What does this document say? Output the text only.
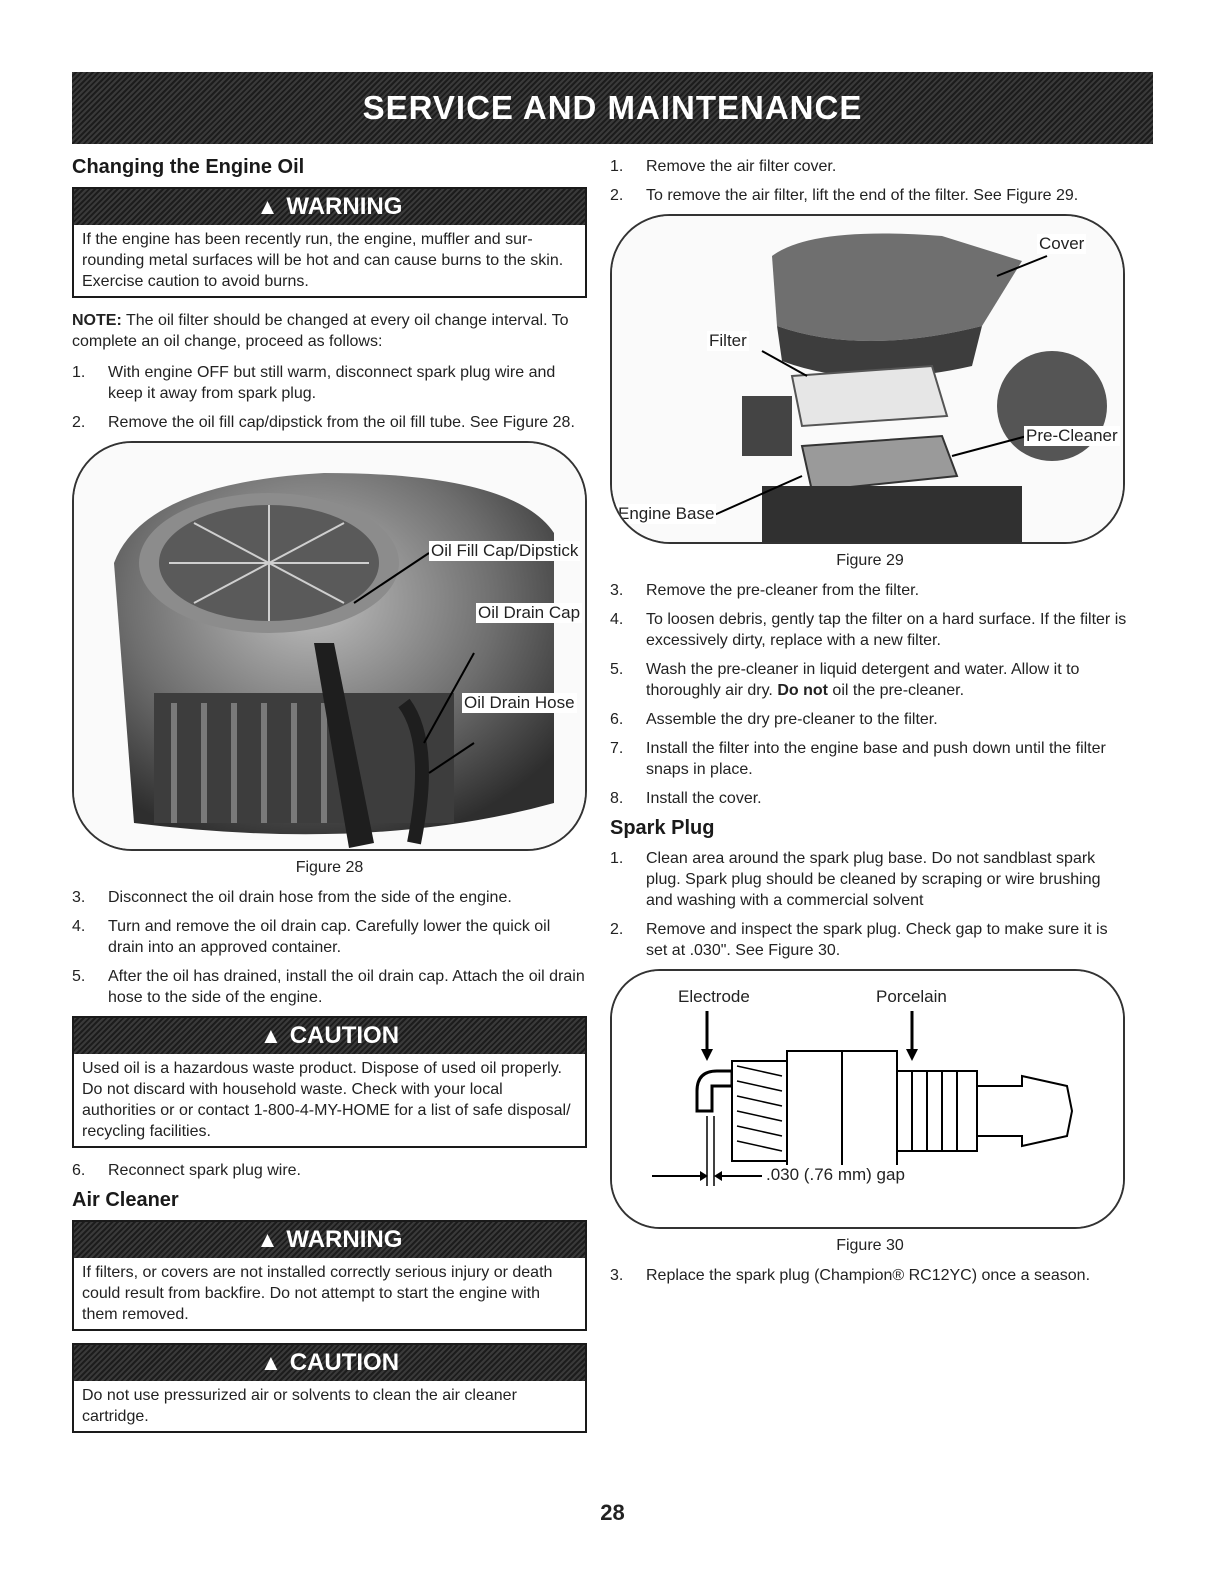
SERVICE AND MAINTENANCE
Changing the Engine Oil
▲ WARNING
If the engine has been recently run, the engine, muffler and sur-rounding metal surfaces will be hot and can cause burns to the skin. Exercise caution to avoid burns.

NOTE: The oil filter should be changed at every oil change interval. To complete an oil change, proceed as follows:

1. With engine OFF but still warm, disconnect spark plug wire and keep it away from spark plug.
2. Remove the oil fill cap/dipstick from the oil fill tube. See Figure 28.
Oil Fill Cap/Dipstick
Oil Drain Cap
Oil Drain Hose
Figure 28
3. Disconnect the oil drain hose from the side of the engine.
4. Turn and remove the oil drain cap. Carefully lower the quick oil drain into an approved container.
5. After the oil has drained, install the oil drain cap. Attach the oil drain hose to the side of the engine.
▲ CAUTION
Used oil is a hazardous waste product. Dispose of used oil properly. Do not discard with household waste. Check with your local authorities or or contact 1-800-4-MY-HOME for a list of safe disposal/ recycling facilities.
6. Reconnect spark plug wire.
Air Cleaner
▲ WARNING
If filters, or covers are not installed correctly serious injury or death could result from backfire. Do not attempt to start the engine with them removed.
▲ CAUTION
Do not use pressurized air or solvents to clean the air cleaner cartridge.
1. Remove the air filter cover.
2. To remove the air filter, lift the end of the filter. See Figure 29.
Cover
Filter
Pre-Cleaner
Engine Base
Figure 29
3. Remove the pre-cleaner from the filter.
4. To loosen debris, gently tap the filter on a hard surface. If the filter is excessively dirty, replace with a new filter.
5. Wash the pre-cleaner in liquid detergent and water. Allow it to thoroughly air dry. Do not oil the pre-cleaner.
6. Assemble the dry pre-cleaner to the filter.
7. Install the filter into the engine base and push down until the filter snaps in place.
8. Install the cover.
Spark Plug
1. Clean area around the spark plug base. Do not sandblast spark plug. Spark plug should be cleaned by scraping or wire brushing and washing with a commercial solvent
2. Remove and inspect the spark plug. Check gap to make sure it is set at .030". See Figure 30.
Electrode	Porcelain
.030 (.76 mm) gap
Figure 30
3. Replace the spark plug (Champion® RC12YC) once a season.
28
